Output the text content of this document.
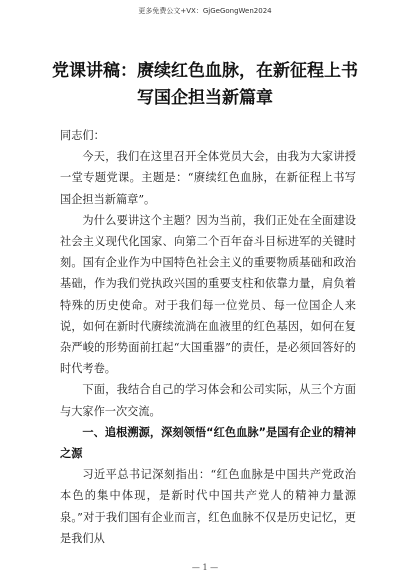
更多免费公文+VX：GjGeGongWen2024
党课讲稿：赓续红色血脉，在新征程上书
写国企担当新篇章

同志们：

今天，我们在这里召开全体党员大会，由我为大家讲授一堂专题党课。主题是：“赓续红色血脉，在新征程上书写国企担当新篇章”。

为什么要讲这个主题？因为当前，我们正处在全面建设社会主义现代化国家、向第二个百年奋斗目标进军的关键时刻。国有企业作为中国特色社会主义的重要物质基础和政治基础，作为我们党执政兴国的重要支柱和依靠力量，肩负着特殊的历史使命。对于我们每一位党员、每一位国企人来说，如何在新时代赓续流淌在血液里的红色基因，如何在复杂严峻的形势面前扛起“大国重器”的责任，是必须回答好的时代考卷。

下面，我结合自己的学习体会和公司实际，从三个方面与大家作一次交流。

一、追根溯源，深刻领悟“红色血脉”是国有企业的精神之源

习近平总书记深刻指出：“红色血脉是中国共产党政治本色的集中体现，是新时代中国共产党人的精神力量源泉。”对于我们国有企业而言，红色血脉不仅是历史记忆，更是我们从

— 1 —
